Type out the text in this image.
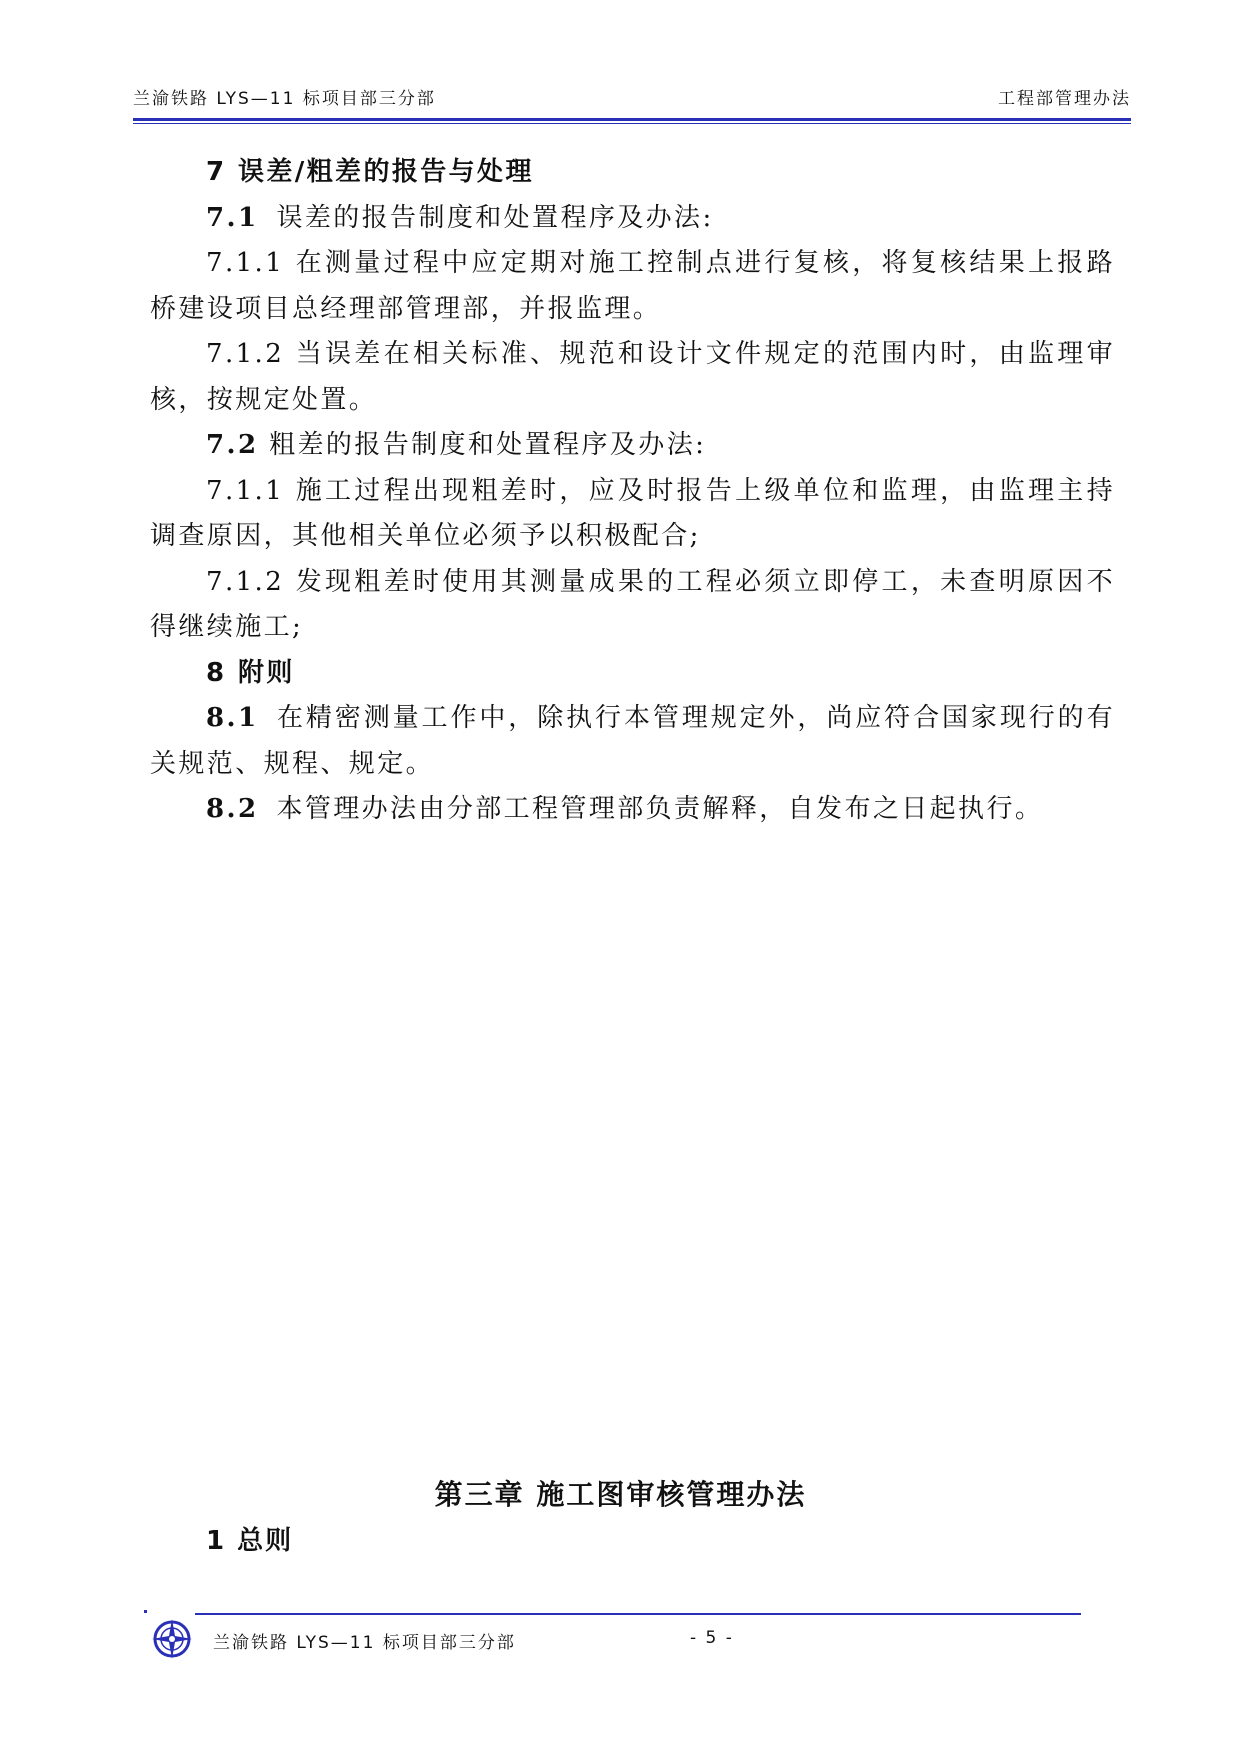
兰渝铁路 LYS—11 标项目部三分部	工程部管理办法

7 误差/粗差的报告与处理

7.1 误差的报告制度和处置程序及办法:

7.1.1 在测量过程中应定期对施工控制点进行复核，将复核结果上报路桥建设项目总经理部管理部，并报监理。

7.1.2 当误差在相关标准、规范和设计文件规定的范围内时，由监理审核，按规定处置。

7.2 粗差的报告制度和处置程序及办法:

7.1.1 施工过程出现粗差时，应及时报告上级单位和监理，由监理主持调查原因，其他相关单位必须予以积极配合;

7.1.2 发现粗差时使用其测量成果的工程必须立即停工，未查明原因不得继续施工;

8 附则

8.1 在精密测量工作中，除执行本管理规定外，尚应符合国家现行的有关规范、规程、规定。

8.2 本管理办法由分部工程管理部负责解释，自发布之日起执行。

第三章 施工图审核管理办法
1 总则
兰渝铁路 LYS—11 标项目部三分部	- 5 -
